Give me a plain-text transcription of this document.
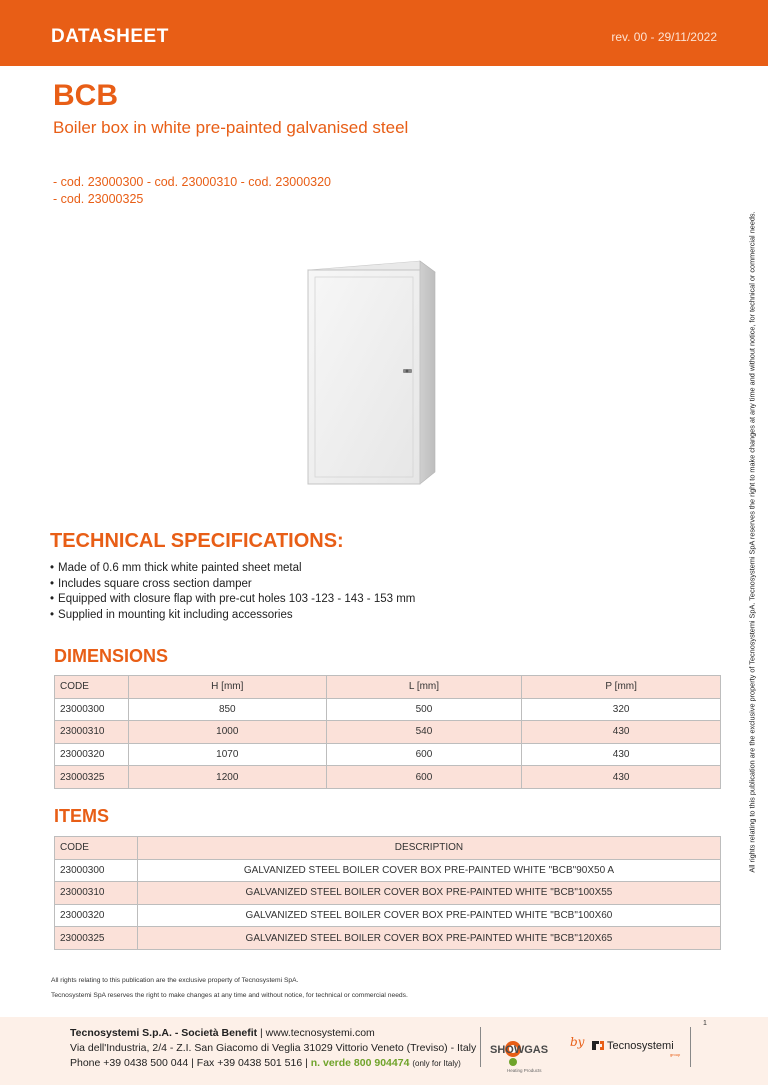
DATASHEET	rev. 00 - 29/11/2022
BCB
Boiler box in white pre-painted galvanised steel
- cod. 23000300 - cod. 23000310 - cod. 23000320
- cod. 23000325
All rights relating to this publication are the exclusive property of Tecnosystemi SpA. Tecnosystemi SpA reserves the right to make changes at any time and without notice, for technical or commercial needs.
TECHNICAL SPECIFICATIONS:
• Made of 0.6 mm thick white painted sheet metal
• Includes square cross section damper
• Equipped with closure flap with pre-cut holes 103 -123 - 143 - 153 mm
• Supplied in mounting kit including accessories
DIMENSIONS
CODE	H [mm]	L [mm]	P [mm]
23000300	850	500	320
23000310	1000	540	430
23000320	1070	600	430
23000325	1200	600	430
ITEMS
CODE	DESCRIPTION
23000300	GALVANIZED STEEL BOILER COVER BOX PRE-PAINTED WHITE "BCB"90X50 A
23000310	GALVANIZED STEEL BOILER COVER BOX PRE-PAINTED WHITE "BCB"100X55
23000320	GALVANIZED STEEL BOILER COVER BOX PRE-PAINTED WHITE "BCB"100X60
23000325	GALVANIZED STEEL BOILER COVER BOX PRE-PAINTED WHITE "BCB"120X65
All rights relating to this publication are the exclusive property of Tecnosystemi SpA.
Tecnosystemi SpA reserves the right to make changes at any time and without notice, for technical or commercial needs.
1
Tecnosystemi S.p.A. - Società Benefit | www.tecnosystemi.com
Via dell'Industria, 2/4 - Z.I. San Giacomo di Veglia 31029 Vittorio Veneto (Treviso) - Italy
Phone +39 0438 500 044 | Fax +39 0438 501 516 | n. verde 800 904474 (only for Italy)
SHOWGAS
Heating Products
by Tecnosystemi
group
